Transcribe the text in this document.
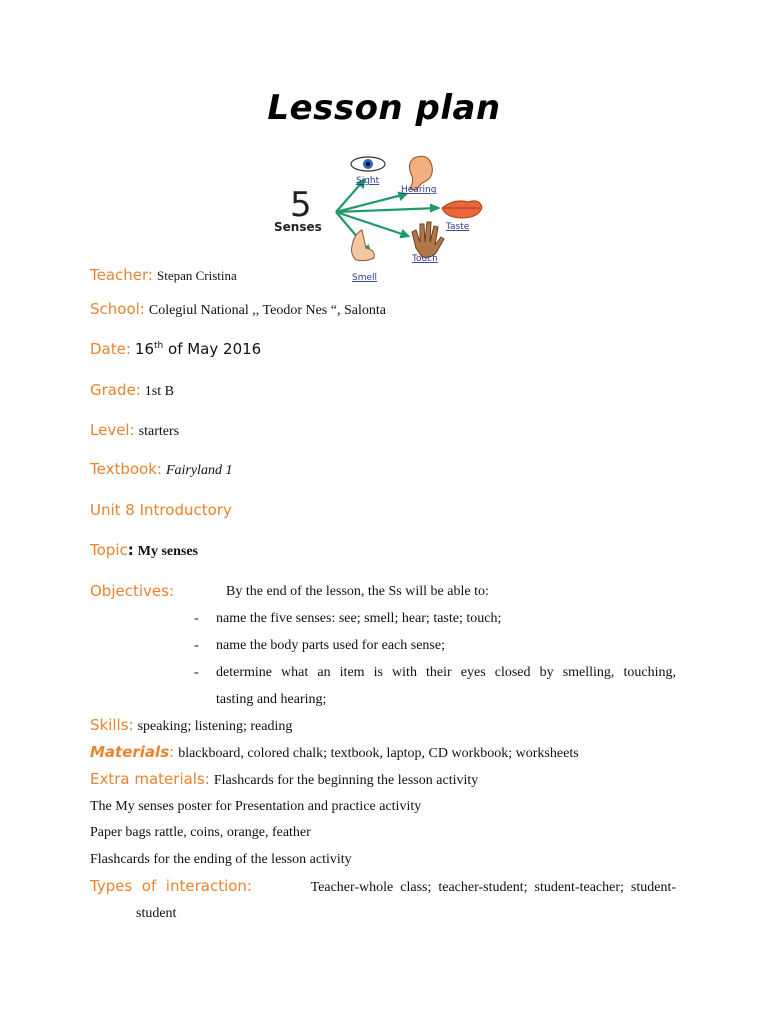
Lesson plan
5
Senses
Sight
Hearing
Taste
Touch
Smell
Teacher: Stepan Cristina
School: Colegiul National ,, Teodor Nes “, Salonta
Date: 16th of May 2016
Grade: 1st B
Level: starters
Textbook: Fairyland 1
Unit 8 Introductory
Topic: My senses
Objectives:	By the end of the lesson, the Ss will be able to:
- name the five senses: see; smell; hear; taste; touch;
- name the body parts used for each sense;
- determine what an item is with their eyes closed by smelling, touching,
tasting and hearing;
Skills: speaking; listening; reading
Materials: blackboard, colored chalk; textbook, laptop, CD workbook; worksheets
Extra materials: Flashcards for the beginning the lesson activity
The My senses poster for Presentation and practice activity
Paper bags rattle, coins, orange, feather
Flashcards for the ending of the lesson activity
Types  of  interaction:	Teacher-whole  class;  teacher-student;  student-teacher;  student-
student
